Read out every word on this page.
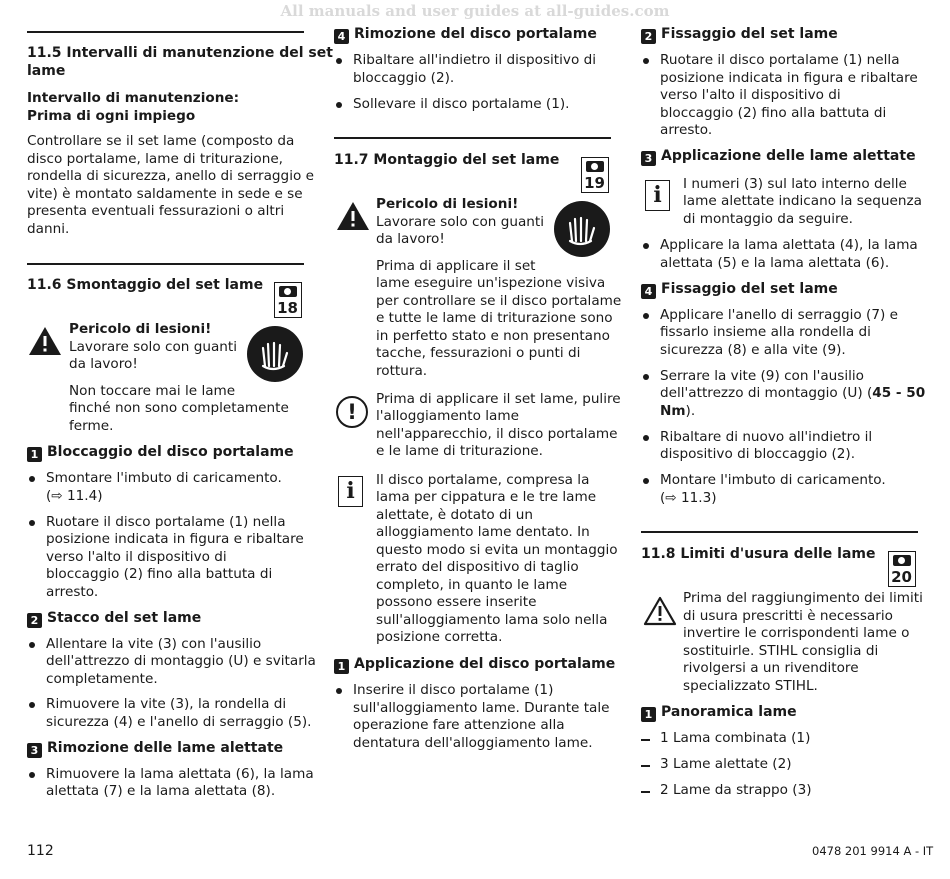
All manuals and user guides at all-guides.com
11.5 Intervalli di manutenzione del set
lame
Intervallo di manutenzione:
Prima di ogni impiego
Controllare se il set lame (composto da
disco portalame, lame di triturazione,
rondella di sicurezza, anello di serraggio e
vite) è montato saldamente in sede e se
presenta eventuali fessurazioni o altri
danni.
11.6 Smontaggio del set lame
18
Pericolo di lesioni!
Lavorare solo con guanti
da lavoro!
Non toccare mai le lame
finché non sono completamente
ferme.
1 Bloccaggio del disco portalame
Smontare l'imbuto di caricamento.
(⇨ 11.4)
Ruotare il disco portalame (1) nella
posizione indicata in figura e ribaltare
verso l'alto il dispositivo di
bloccaggio (2) fino alla battuta di
arresto.
2 Stacco del set lame
Allentare la vite (3) con l'ausilio
dell'attrezzo di montaggio (U) e svitarla
completamente.
Rimuovere la vite (3), la rondella di
sicurezza (4) e l'anello di serraggio (5).
3 Rimozione delle lame alettate
Rimuovere la lama alettata (6), la lama
alettata (7) e la lama alettata (8).
4 Rimozione del disco portalame
Ribaltare all'indietro il dispositivo di
bloccaggio (2).
Sollevare il disco portalame (1).
11.7 Montaggio del set lame
19
Pericolo di lesioni!
Lavorare solo con guanti
da lavoro!
Prima di applicare il set
lame eseguire un'ispezione visiva
per controllare se il disco portalame
e tutte le lame di triturazione sono
in perfetto stato e non presentano
tacche, fessurazioni o punti di
rottura.
!
Prima di applicare il set lame, pulire
l'alloggiamento lame
nell'apparecchio, il disco portalame
e le lame di triturazione.
i	Il disco portalame, compresa la
lama per cippatura e le tre lame
alettate, è dotato di un
alloggiamento lame dentato. In
questo modo si evita un montaggio
errato del dispositivo di taglio
completo, in quanto le lame
possono essere inserite
sull'alloggiamento lama solo nella
posizione corretta.
1 Applicazione del disco portalame
Inserire il disco portalame (1)
sull'alloggiamento lame. Durante tale
operazione fare attenzione alla
dentatura dell'alloggiamento lame.
2 Fissaggio del set lame
Ruotare il disco portalame (1) nella
posizione indicata in figura e ribaltare
verso l'alto il dispositivo di
bloccaggio (2) fino alla battuta di
arresto.
3 Applicazione delle lame alettate
i	I numeri (3) sul lato interno delle
lame alettate indicano la sequenza
di montaggio da seguire.
Applicare la lama alettata (4), la lama
alettata (5) e la lama alettata (6).
4 Fissaggio del set lame
Applicare l'anello di serraggio (7) e
fissarlo insieme alla rondella di
sicurezza (8) e alla vite (9).
Serrare la vite (9) con l'ausilio
dell'attrezzo di montaggio (U) (45 - 50
Nm).
Ribaltare di nuovo all'indietro il
dispositivo di bloccaggio (2).
Montare l'imbuto di caricamento.
(⇨ 11.3)
11.8 Limiti d'usura delle lame
20
Prima del raggiungimento dei limiti
di usura prescritti è necessario
invertire le corrispondenti lame o
sostituirle. STIHL consiglia di
rivolgersi a un rivenditore
specializzato STIHL.
1 Panoramica lame
1 Lama combinata (1)
3 Lame alettate (2)
2 Lame da strappo (3)
112	0478 201 9914 A - IT
